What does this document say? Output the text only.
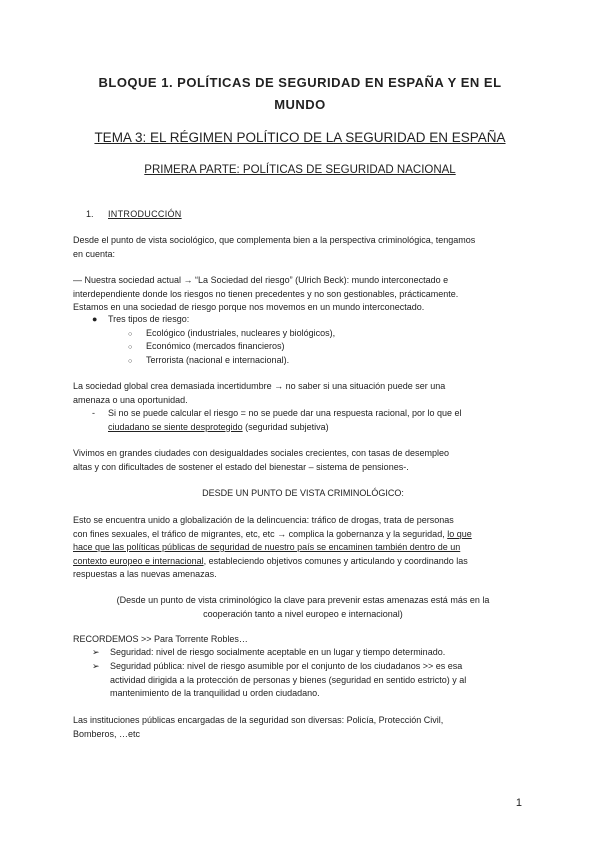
BLOQUE 1. POLÍTICAS DE SEGURIDAD EN ESPAÑA Y EN EL
MUNDO
TEMA 3: EL RÉGIMEN POLÍTICO DE LA SEGURIDAD EN ESPAÑA
PRIMERA PARTE: POLÍTICAS DE SEGURIDAD NACIONAL
1. INTRODUCCIÓN
Desde el punto de vista sociológico, que complementa bien a la perspectiva criminológica, tengamos
en cuenta:
— Nuestra sociedad actual → “La Sociedad del riesgo” (Ulrich Beck): mundo interconectado e
interdependiente donde los riesgos no tienen precedentes y no son gestionables, prácticamente.
Estamos en una sociedad de riesgo porque nos movemos en un mundo interconectado.
● Tres tipos de riesgo:
○ Ecológico (industriales, nucleares y biológicos),
○ Económico (mercados financieros)
○ Terrorista (nacional e internacional).
La sociedad global crea demasiada incertidumbre → no saber si una situación puede ser una
amenaza o una oportunidad.
- Si no se puede calcular el riesgo = no se puede dar una respuesta racional, por lo que el
ciudadano se siente desprotegido (seguridad subjetiva)
Vivimos en grandes ciudades con desigualdades sociales crecientes, con tasas de desempleo
altas y con dificultades de sostener el estado del bienestar – sistema de pensiones-.
DESDE UN PUNTO DE VISTA CRIMINOLÓGICO:
Esto se encuentra unido a globalización de la delincuencia: tráfico de drogas, trata de personas
con fines sexuales, el tráfico de migrantes, etc, etc → complica la gobernanza y la seguridad, lo que
hace que las políticas públicas de seguridad de nuestro país se encaminen también dentro de un
contexto europeo e internacional, estableciendo objetivos comunes y articulando y coordinando las
respuestas a las nuevas amenazas.
(Desde un punto de vista criminológico la clave para prevenir estas amenazas está más en la
cooperación tanto a nivel europeo e internacional)
RECORDEMOS >> Para Torrente Robles…
➢ Seguridad: nivel de riesgo socialmente aceptable en un lugar y tiempo determinado.
➢ Seguridad pública: nivel de riesgo asumible por el conjunto de los ciudadanos >> es esa
actividad dirigida a la protección de personas y bienes (seguridad en sentido estricto) y al
mantenimiento de la tranquilidad u orden ciudadano.
Las instituciones públicas encargadas de la seguridad son diversas: Policía, Protección Civil,
Bomberos, …etc
1
